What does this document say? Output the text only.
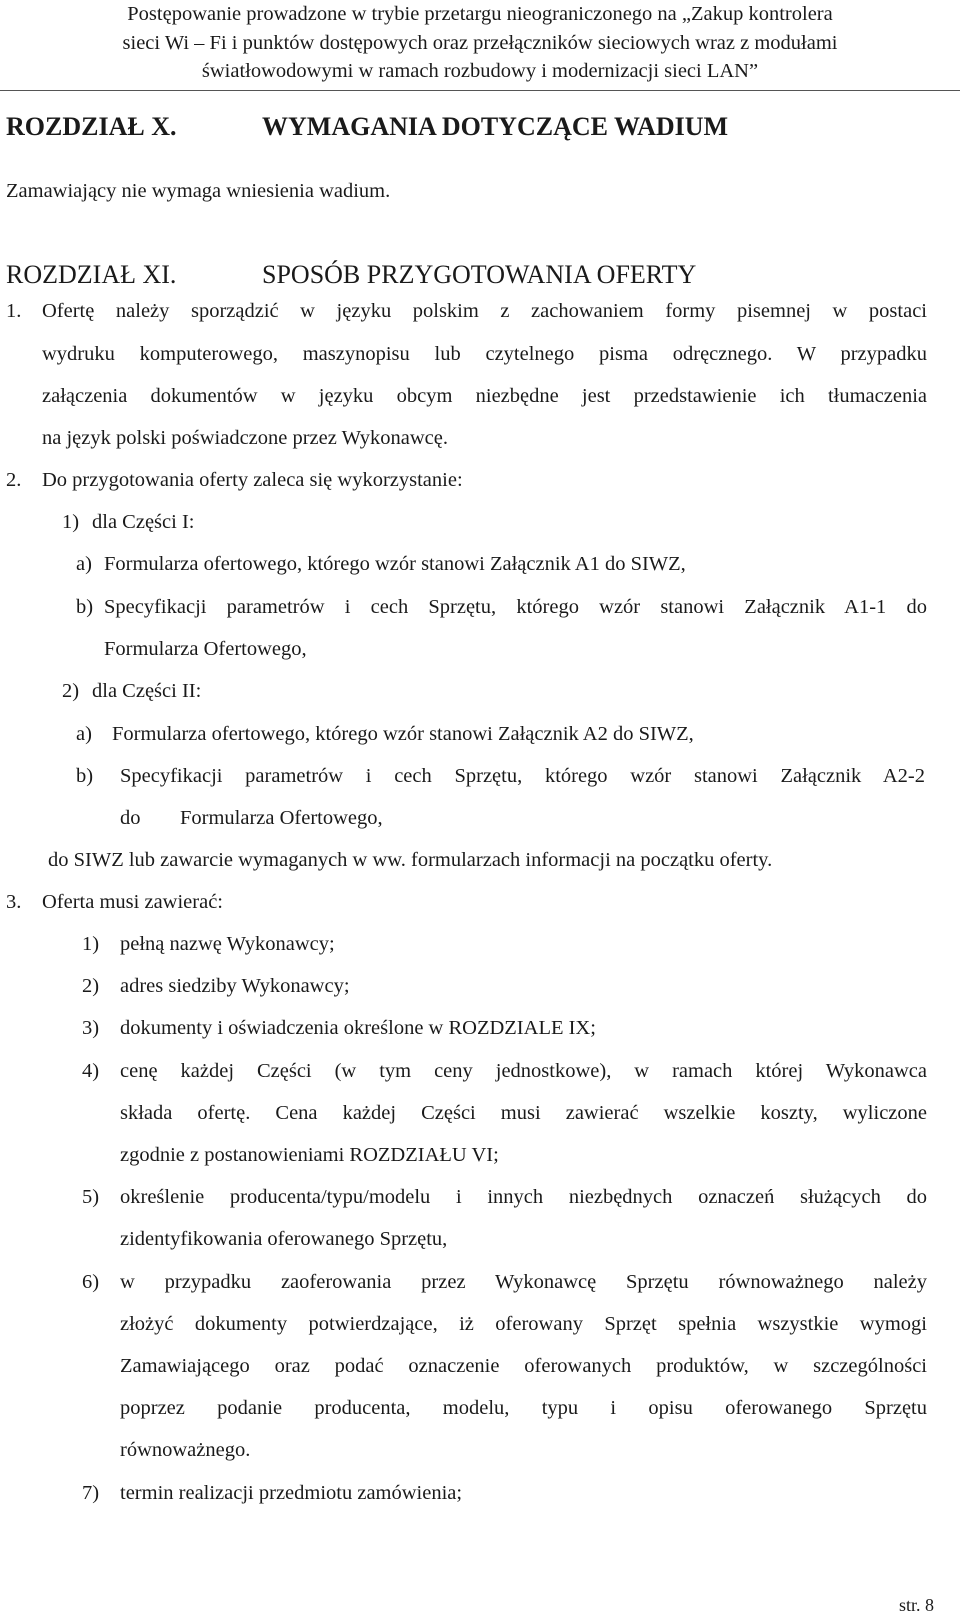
Postępowanie prowadzone w trybie przetargu nieograniczonego na „Zakup kontrolera
sieci Wi – Fi i punktów dostępowych oraz przełączników sieciowych wraz z modułami
światłowodowymi w ramach rozbudowy i modernizacji sieci LAN”
ROZDZIAŁ X.	WYMAGANIA DOTYCZĄCE WADIUM
Zamawiający nie wymaga wniesienia wadium.
ROZDZIAŁ XI.	SPOSÓB PRZYGOTOWANIA OFERTY
1. Ofertę należy sporządzić w języku polskim z zachowaniem formy pisemnej w postaci
wydruku komputerowego, maszynopisu lub czytelnego pisma odręcznego. W przypadku
załączenia dokumentów w języku obcym niezbędne jest przedstawienie ich tłumaczenia
na język polski poświadczone przez Wykonawcę.
2. Do przygotowania oferty zaleca się wykorzystanie:
1) dla Części I:
a) Formularza ofertowego, którego wzór stanowi Załącznik A1 do SIWZ,
b) Specyfikacji parametrów i cech Sprzętu, którego wzór stanowi Załącznik A1-1 do
Formularza Ofertowego,
2) dla Części II:
a) Formularza ofertowego, którego wzór stanowi Załącznik A2 do SIWZ,
b) Specyfikacji parametrów i cech Sprzętu, którego wzór stanowi Załącznik A2-2
do Formularza Ofertowego,
do SIWZ lub zawarcie wymaganych w ww. formularzach informacji na początku oferty.
3. Oferta musi zawierać:
1) pełną nazwę Wykonawcy;
2) adres siedziby Wykonawcy;
3) dokumenty i oświadczenia określone w ROZDZIALE IX;
4) cenę każdej Części (w tym ceny jednostkowe), w ramach której Wykonawca
składa ofertę. Cena każdej Części musi zawierać wszelkie koszty, wyliczone
zgodnie z postanowieniami ROZDZIAŁU VI;
5) określenie producenta/typu/modelu i innych niezbędnych oznaczeń służących do
zidentyfikowania oferowanego Sprzętu,
6) w przypadku zaoferowania przez Wykonawcę Sprzętu równoważnego należy
złożyć dokumenty potwierdzające, iż oferowany Sprzęt spełnia wszystkie wymogi
Zamawiającego oraz podać oznaczenie oferowanych produktów, w szczególności
poprzez podanie producenta, modelu, typu i opisu oferowanego Sprzętu
równoważnego.
7) termin realizacji przedmiotu zamówienia;
str. 8
